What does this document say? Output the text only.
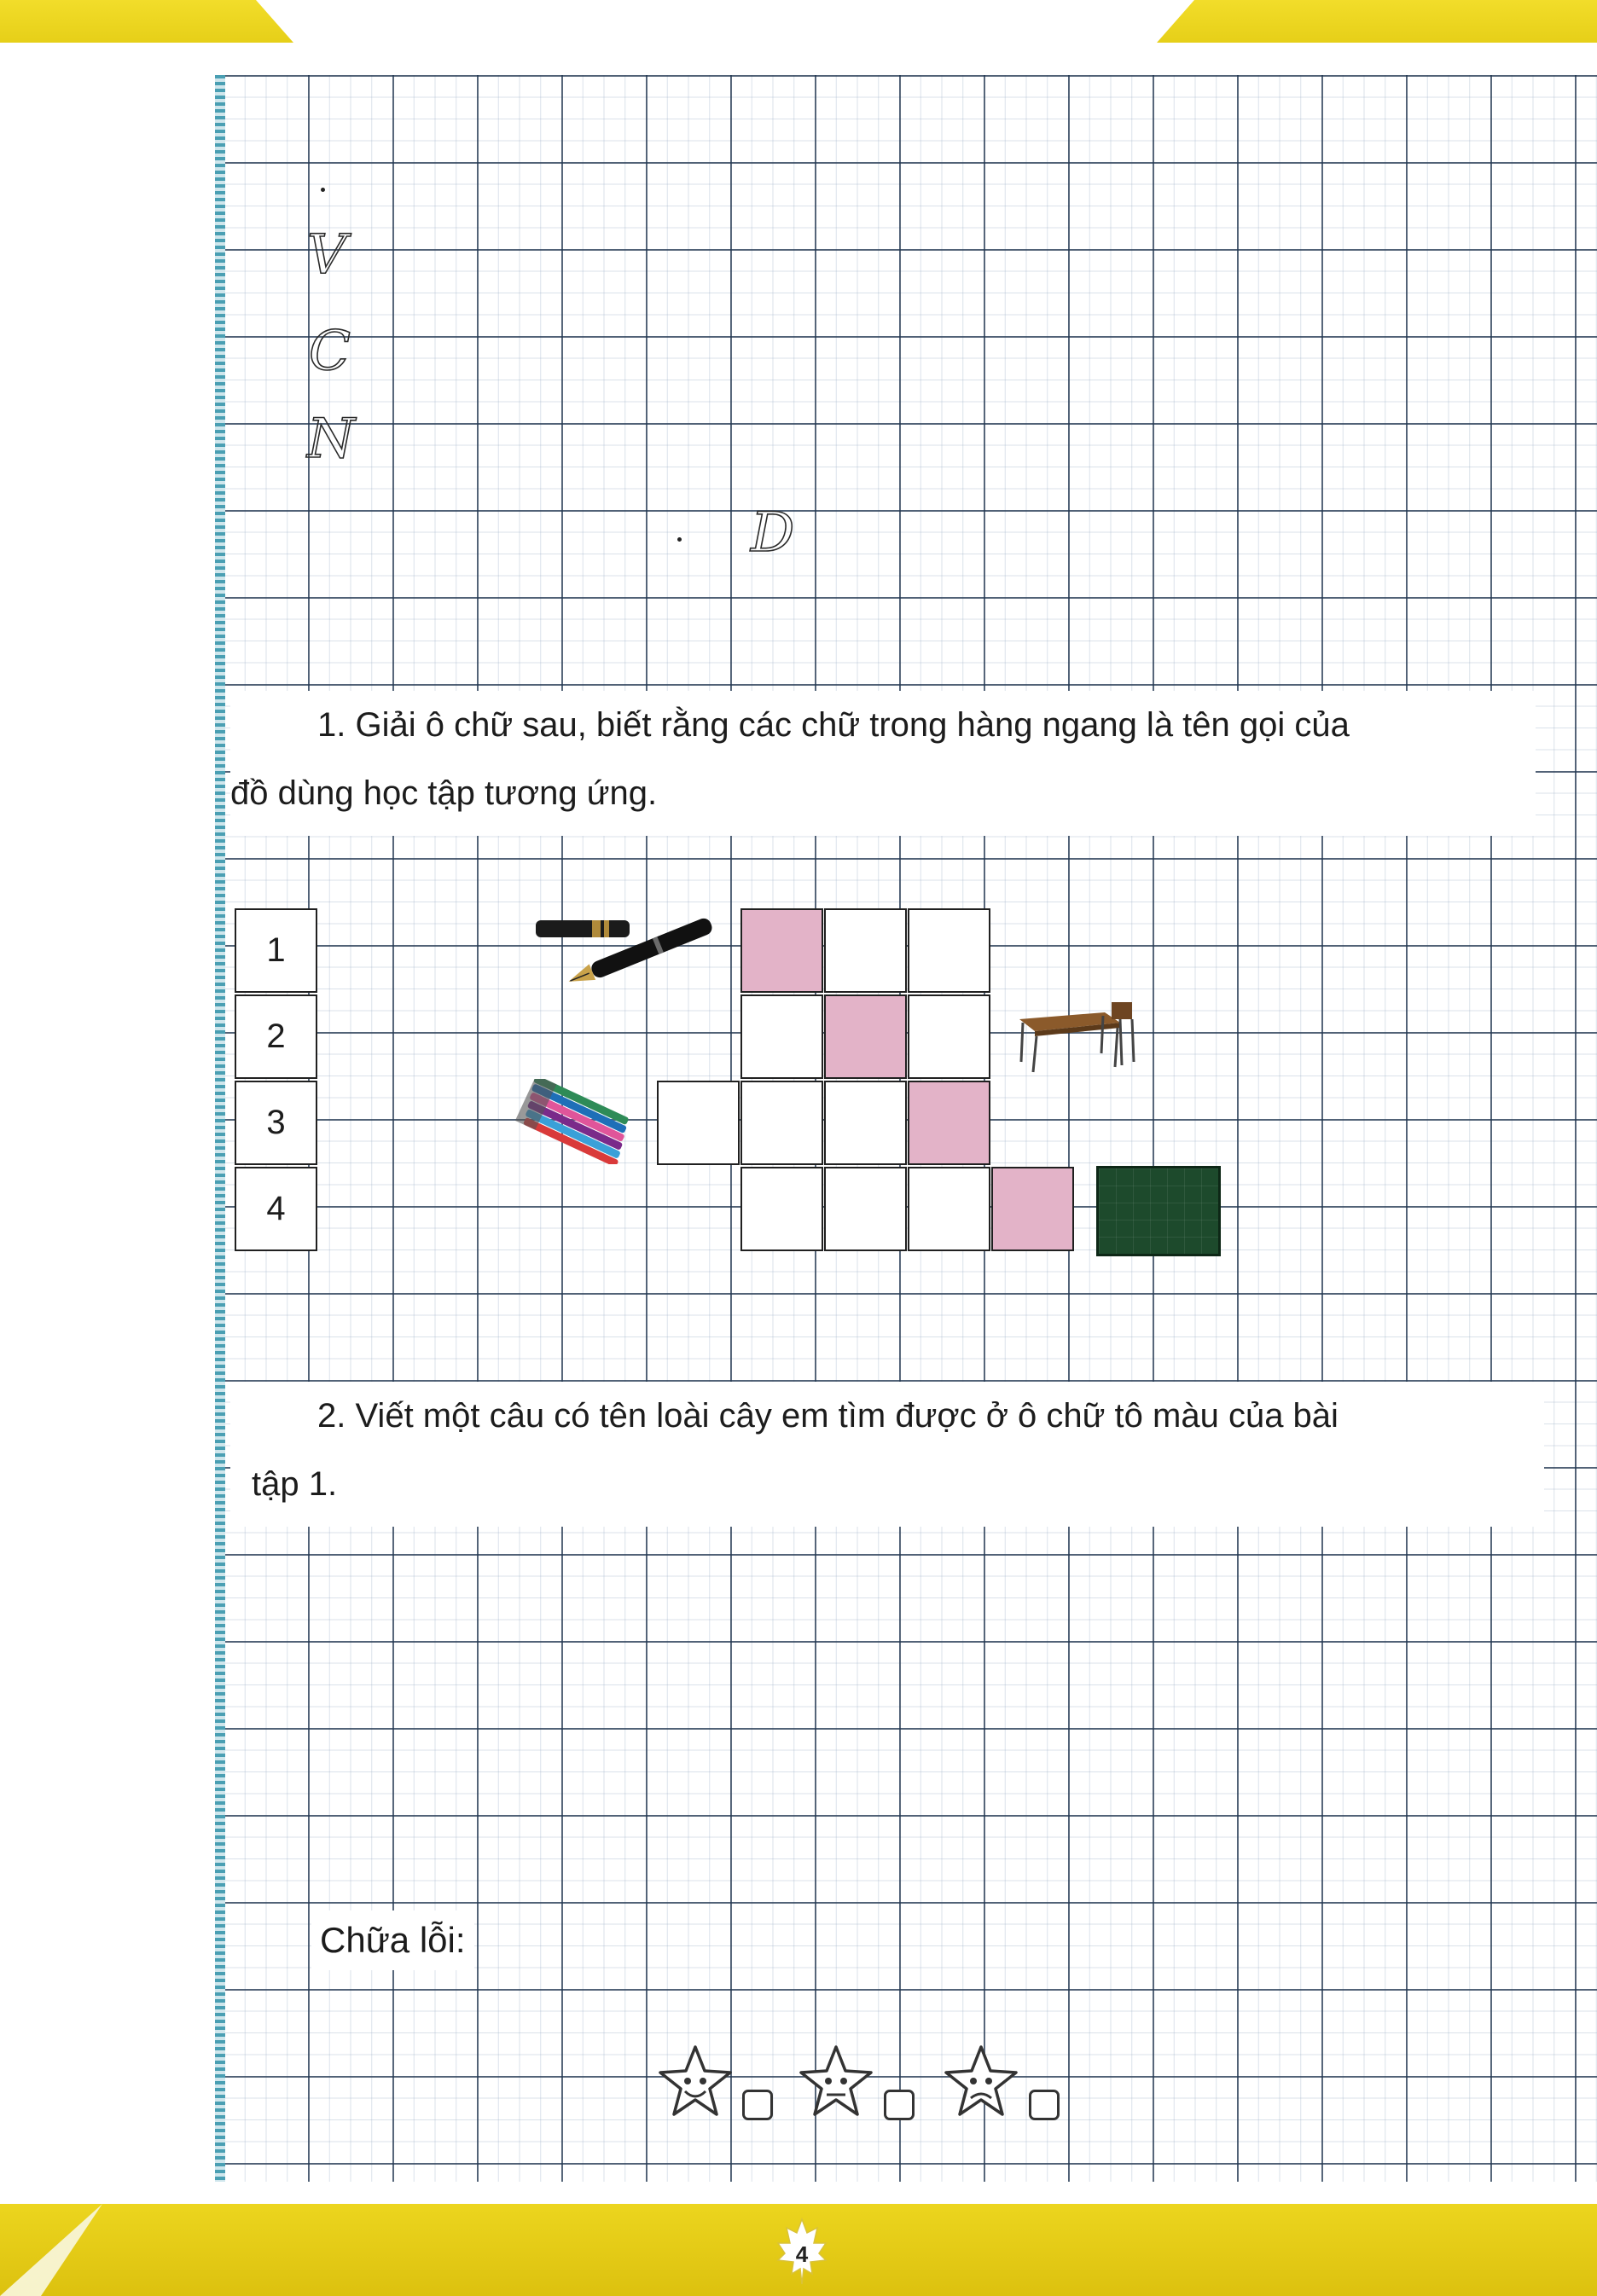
V
C
N
D
1. Giải ô chữ sau, biết rằng các chữ trong hàng ngang là tên gọi của
đồ dùng học tập tương ứng.
1
2
3
4
2. Viết một câu có tên loài cây em tìm được ở ô chữ tô màu của bài
tập 1.
Chữa lỗi:
4
